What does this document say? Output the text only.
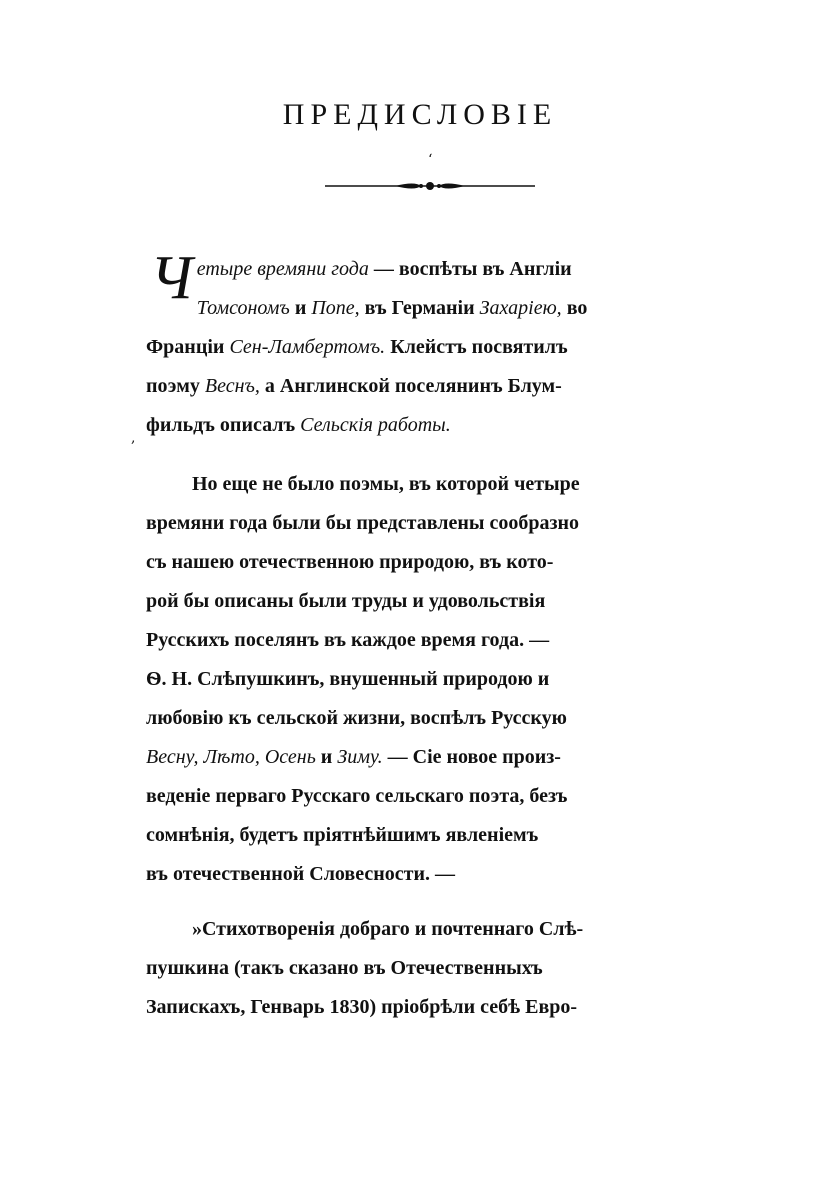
ПРЕДИСЛОВІЕ
ʻ
Ч етыре времяни года — воспѣты въ Англіи
Томсономъ и Попе, въ Германіи Захаріею, во
Франціи Сен-Ламбертомъ. Клейстъ посвятилъ
поэму Веснъ, а Англинской поселянинъ Блум-
фильдъ описалъ Сельскія работы.
,
Но еще не было поэмы, въ которой четыре
времяни года были бы представлены сообразно
съ нашею отечественною природою, въ кото-
рой бы описаны были труды и удовольствія
Русскихъ поселянъ въ каждое время года. —
Ѳ. Н. Слѣпушкинъ, внушенный природою и
любовію къ сельской жизни, воспѣлъ Русскую
Весну, Лѣто, Осень и Зиму. — Сіе новое произ-
веденіе перваго Русскаго сельскаго поэта, безъ
сомнѣнія, будетъ пріятнѣйшимъ явленіемъ
въ отечественной Словесности. —
»Стихотворенія добраго и почтеннаго Слѣ-
пушкина (такъ сказано въ Отечественныхъ
Запискахъ, Генварь 1830) пріобрѣли себѣ Евро-
